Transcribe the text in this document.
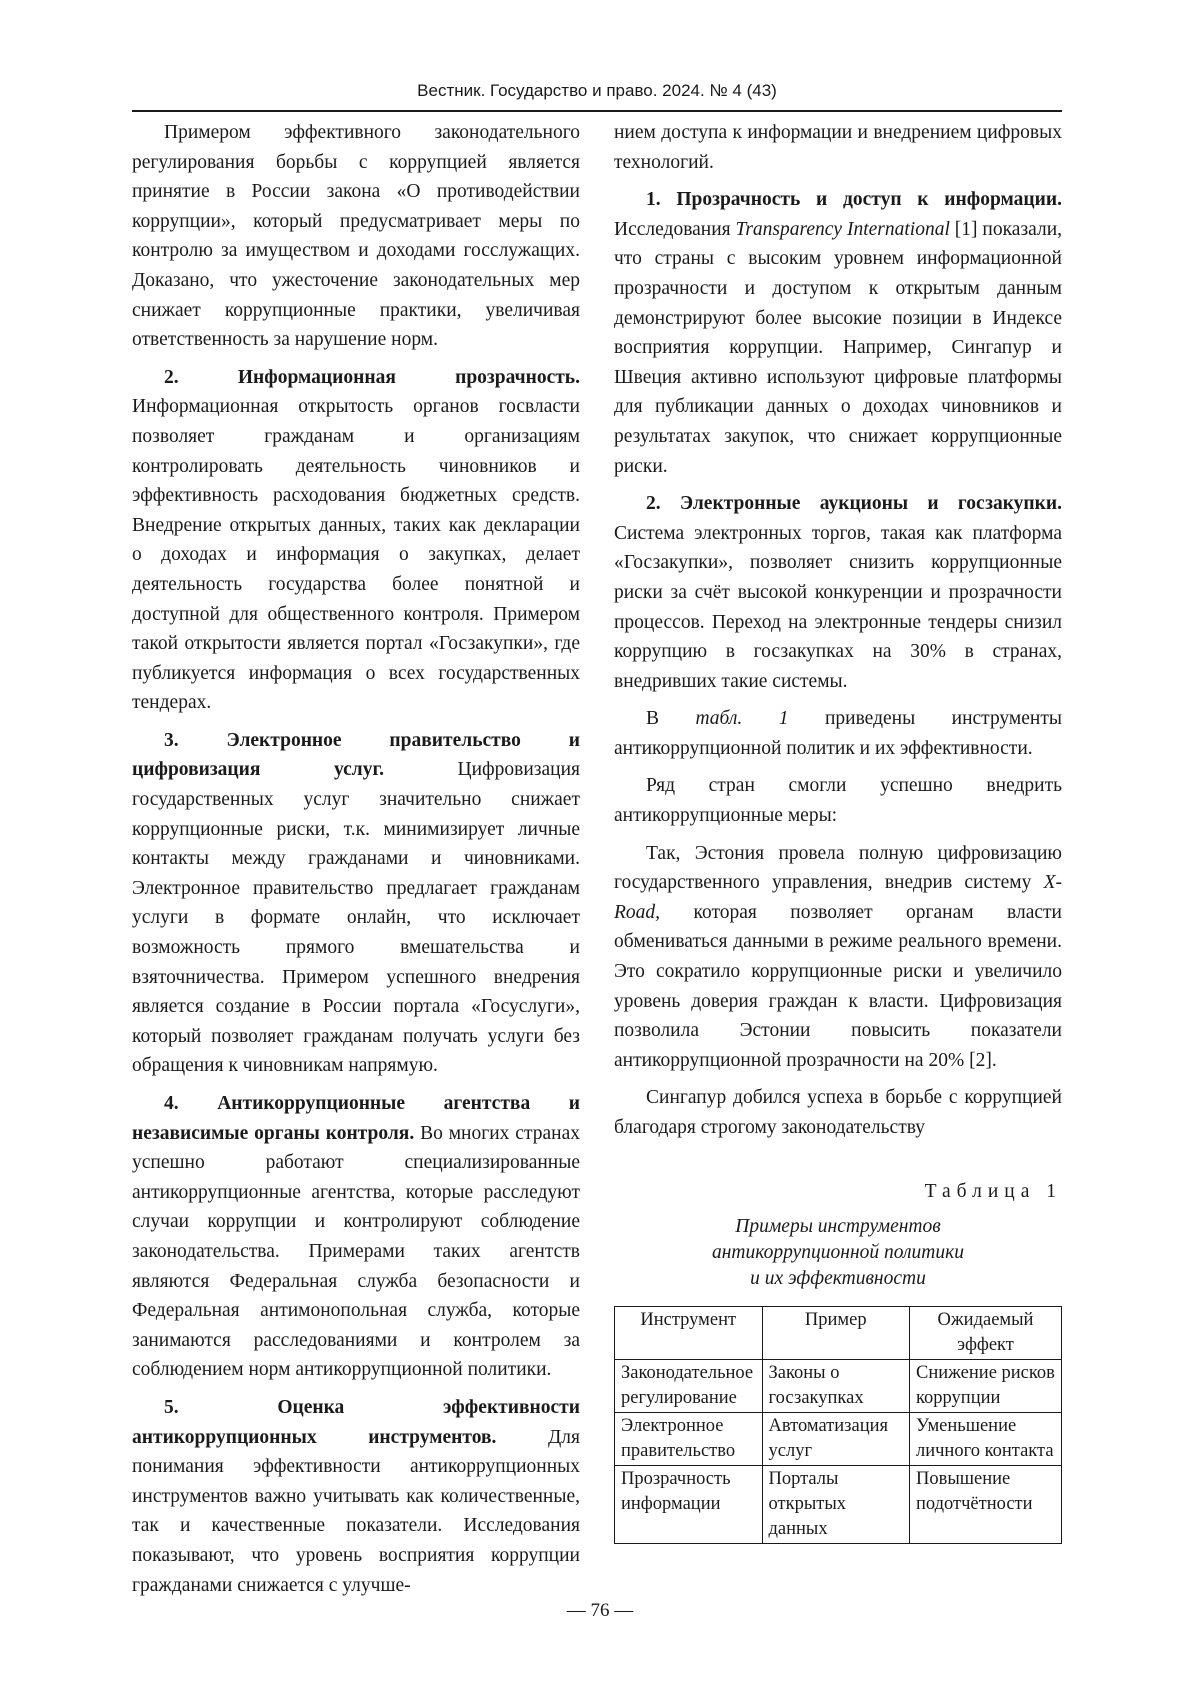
Вестник. Государство и право. 2024. № 4 (43)

Примером эффективного законодательного регулирования борьбы с коррупцией является принятие в России закона «О противодействии коррупции», который предусматривает меры по контролю за имуществом и доходами госслужащих. Доказано, что ужесточение законодательных мер снижает коррупционные практики, увеличивая ответственность за нарушение норм.

2. Информационная прозрачность. Информационная открытость органов госвласти позволяет гражданам и организациям контролировать деятельность чиновников и эффективность расходования бюджетных средств. Внедрение открытых данных, таких как декларации о доходах и информация о закупках, делает деятельность государства более понятной и доступной для общественного контроля. Примером такой открытости является портал «Госзакупки», где публикуется информация о всех государственных тендерах.

3. Электронное правительство и цифровизация услуг. Цифровизация государственных услуг значительно снижает коррупционные риски, т.к. минимизирует личные контакты между гражданами и чиновниками. Электронное правительство предлагает гражданам услуги в формате онлайн, что исключает возможность прямого вмешательства и взяточничества. Примером успешного внедрения является создание в России портала «Госуслуги», который позволяет гражданам получать услуги без обращения к чиновникам напрямую.

4. Антикоррупционные агентства и независимые органы контроля. Во многих странах успешно работают специализированные антикоррупционные агентства, которые расследуют случаи коррупции и контролируют соблюдение законодательства. Примерами таких агентств являются Федеральная служба безопасности и Федеральная антимонопольная служба, которые занимаются расследованиями и контролем за соблюдением норм антикоррупционной политики.

5. Оценка эффективности антикоррупционных инструментов. Для понимания эффективности антикоррупционных инструментов важно учитывать как количественные, так и качественные показатели. Исследования показывают, что уровень восприятия коррупции гражданами снижается с улучше-

нием доступа к информации и внедрением цифровых технологий.

1. Прозрачность и доступ к информации. Исследования Transparency International [1] показали, что страны с высоким уровнем информационной прозрачности и доступом к открытым данным демонстрируют более высокие позиции в Индексе восприятия коррупции. Например, Сингапур и Швеция активно используют цифровые платформы для публикации данных о доходах чиновников и результатах закупок, что снижает коррупционные риски.

2. Электронные аукционы и госзакупки. Система электронных торгов, такая как платформа «Госзакупки», позволяет снизить коррупционные риски за счёт высокой конкуренции и прозрачности процессов. Переход на электронные тендеры снизил коррупцию в госзакупках на 30% в странах, внедривших такие системы.

В табл. 1 приведены инструменты антикоррупционной политик и их эффективности.

Ряд стран смогли успешно внедрить антикоррупционные меры:

Так, Эстония провела полную цифровизацию государственного управления, внедрив систему X-Road, которая позволяет органам власти обмениваться данными в режиме реального времени. Это сократило коррупционные риски и увеличило уровень доверия граждан к власти. Цифровизация позволила Эстонии повысить показатели антикоррупционной прозрачности на 20% [2].

Сингапур добился успеха в борьбе с коррупцией благодаря строгому законодательству

Таблица 1
Примеры инструментов
антикоррупционной политики
и их эффективности
Инструмент	Пример	Ожидаемый эффект
Законодательное регулирование	Законы о госзакупках	Снижение рисков коррупции
Электронное правительство	Автоматизация услуг	Уменьшение личного контакта
Прозрачность информации	Порталы открытых данных	Повышение подотчётности
— 76 —
